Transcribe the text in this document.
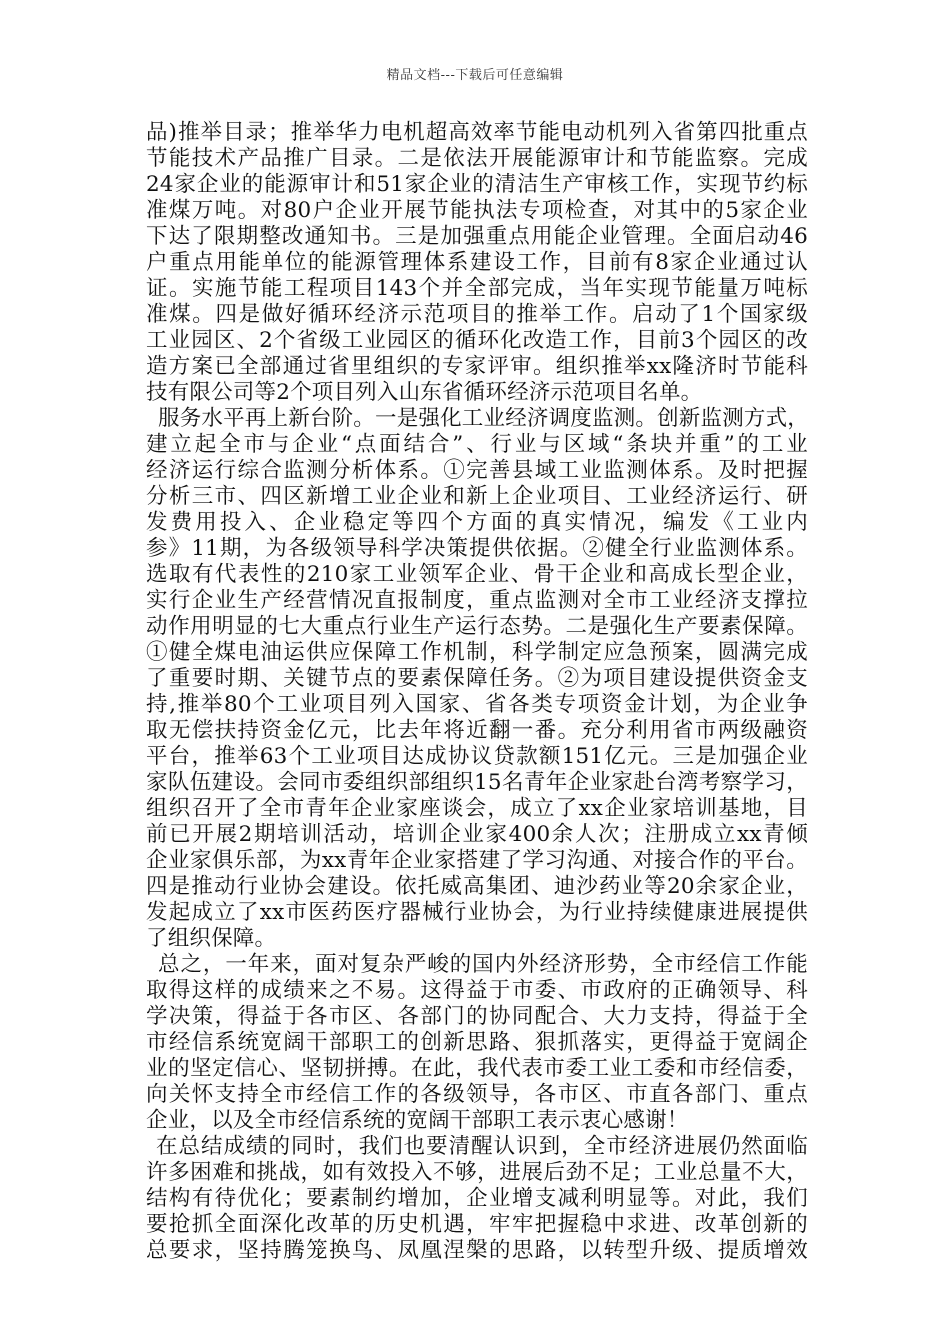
精品文档---下载后可任意编辑
品)推举目录；推举华力电机超高效率节能电动机列入省第四批重点
节能技术产品推广目录。二是依法开展能源审计和节能监察。完成
24家企业的能源审计和51家企业的清洁生产审核工作，实现节约标
准煤万吨。对80户企业开展节能执法专项检查，对其中的5家企业
下达了限期整改通知书。三是加强重点用能企业管理。全面启动46
户重点用能单位的能源管理体系建设工作，目前有8家企业通过认
证。实施节能工程项目143个并全部完成，当年实现节能量万吨标
准煤。四是做好循环经济示范项目的推举工作。启动了1个国家级
工业园区、2个省级工业园区的循环化改造工作，目前3个园区的改
造方案已全部通过省里组织的专家评审。组织推举xx隆济时节能科
技有限公司等2个项目列入山东省循环经济示范项目名单。
服务水平再上新台阶。一是强化工业经济调度监测。创新监测方式，
建立起全市与企业“点面结合”、行业与区域“条块并重”的工业
经济运行综合监测分析体系。①完善县域工业监测体系。及时把握
分析三市、四区新增工业企业和新上企业项目、工业经济运行、研
发费用投入、企业稳定等四个方面的真实情况，编发《工业内
参》11期，为各级领导科学决策提供依据。②健全行业监测体系。
选取有代表性的210家工业领军企业、骨干企业和高成长型企业，
实行企业生产经营情况直报制度，重点监测对全市工业经济支撑拉
动作用明显的七大重点行业生产运行态势。二是强化生产要素保障。
①健全煤电油运供应保障工作机制，科学制定应急预案，圆满完成
了重要时期、关键节点的要素保障任务。②为项目建设提供资金支
持,推举80个工业项目列入国家、省各类专项资金计划，为企业争
取无偿扶持资金亿元，比去年将近翻一番。充分利用省市两级融资
平台，推举63个工业项目达成协议贷款额151亿元。三是加强企业
家队伍建设。会同市委组织部组织15名青年企业家赴台湾考察学习，
组织召开了全市青年企业家座谈会，成立了xx企业家培训基地，目
前已开展2期培训活动，培训企业家400余人次；注册成立xx青倾
企业家俱乐部，为xx青年企业家搭建了学习沟通、对接合作的平台。
四是推动行业协会建设。依托威高集团、迪沙药业等20余家企业，
发起成立了xx市医药医疗器械行业协会，为行业持续健康进展提供
了组织保障。
总之，一年来，面对复杂严峻的国内外经济形势，全市经信工作能
取得这样的成绩来之不易。这得益于市委、市政府的正确领导、科
学决策，得益于各市区、各部门的协同配合、大力支持，得益于全
市经信系统宽阔干部职工的创新思路、狠抓落实，更得益于宽阔企
业的坚定信心、坚韧拼搏。在此，我代表市委工业工委和市经信委，
向关怀支持全市经信工作的各级领导，各市区、市直各部门、重点
企业，以及全市经信系统的宽阔干部职工表示衷心感谢！
在总结成绩的同时，我们也要清醒认识到，全市经济进展仍然面临
许多困难和挑战，如有效投入不够，进展后劲不足；工业总量不大，
结构有待优化；要素制约增加，企业增支减利明显等。对此，我们
要抢抓全面深化改革的历史机遇，牢牢把握稳中求进、改革创新的
总要求，坚持腾笼换鸟、凤凰涅槃的思路，以转型升级、提质增效
